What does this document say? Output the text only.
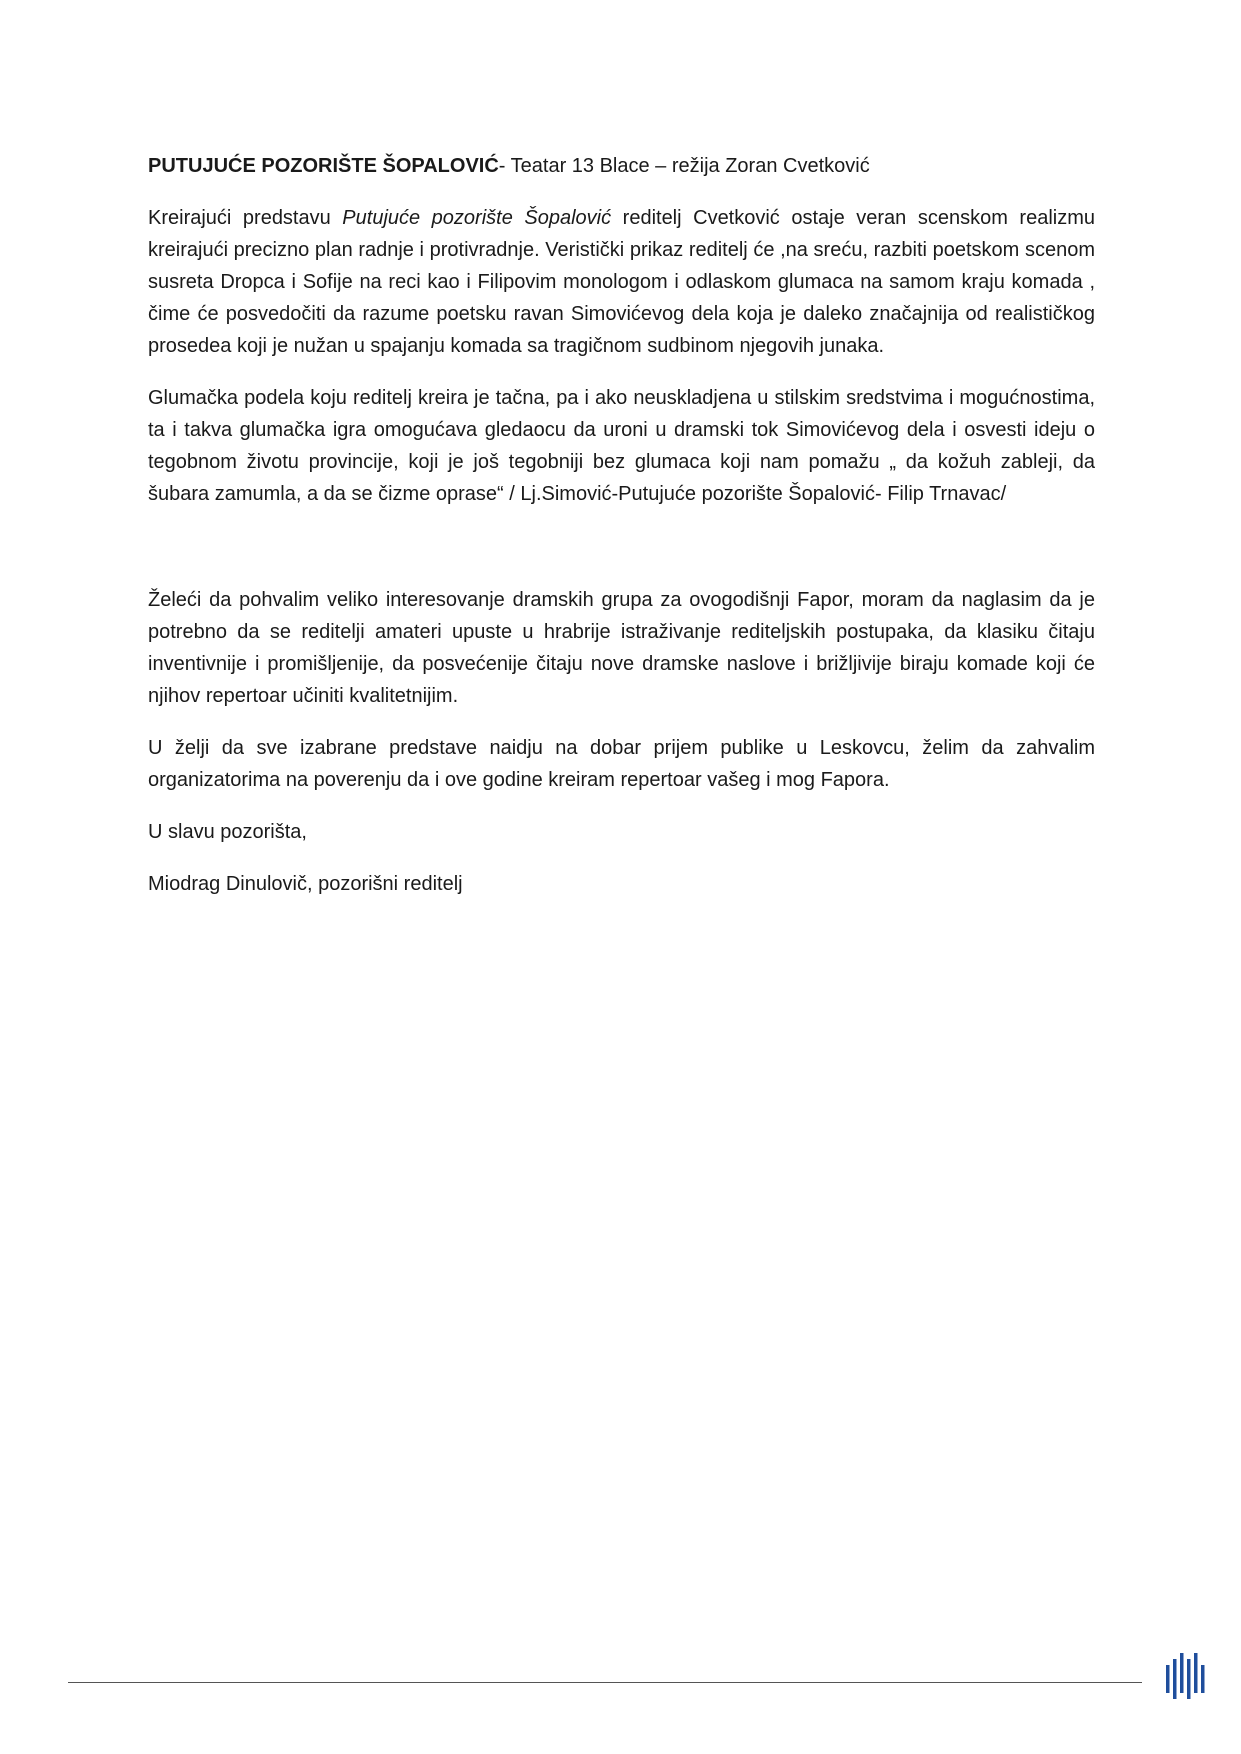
PUTUJUĆE POZORIŠTE ŠOPALOVIĆ- Teatar 13 Blace – režija Zoran Cvetković

Kreirajući predstavu Putujuće pozorište Šopalović reditelj Cvetković ostaje veran scenskom realizmu kreirajući precizno plan radnje i protivradnje. Veristički prikaz reditelj će ,na sreću, razbiti poetskom scenom susreta Dropca i Sofije na reci kao i Filipovim monologom i odlaskom glumaca na samom kraju komada , čime će posvedočiti da razume poetsku ravan Simovićevog dela koja je daleko značajnija od realističkog prosedea koji je nužan u spajanju komada sa tragičnom sudbinom njegovih junaka.

Glumačka podela koju reditelj kreira je tačna, pa i ako neuskladjena u stilskim sredstvima i mogućnostima, ta i takva glumačka igra omogućava gledaocu da uroni u dramski tok Simovićevog dela i osvesti ideju o tegobnom životu provincije, koji je još tegobniji bez glumaca koji nam pomažu „ da kožuh zableji, da šubara zamumla, a da se čizme oprase“ / Lj.Simović-Putujuće pozorište Šopalović- Filip Trnavac/

Želeći da pohvalim veliko interesovanje dramskih grupa za ovogodišnji Fapor, moram da naglasim da je potrebno da se reditelji amateri upuste u hrabrije istraživanje rediteljskih postupaka, da klasiku čitaju inventivnije i promišljenije, da posvećenije čitaju nove dramske naslove i brižljivije biraju komade koji će njihov repertoar učiniti kvalitetnijim.

U želji da sve izabrane predstave naidju na dobar prijem publike u Leskovcu, želim da zahvalim organizatorima na poverenju da i ove godine kreiram repertoar vašeg i mog Fapora.

U slavu pozorišta,

Miodrag Dinulovič, pozorišni reditelj
